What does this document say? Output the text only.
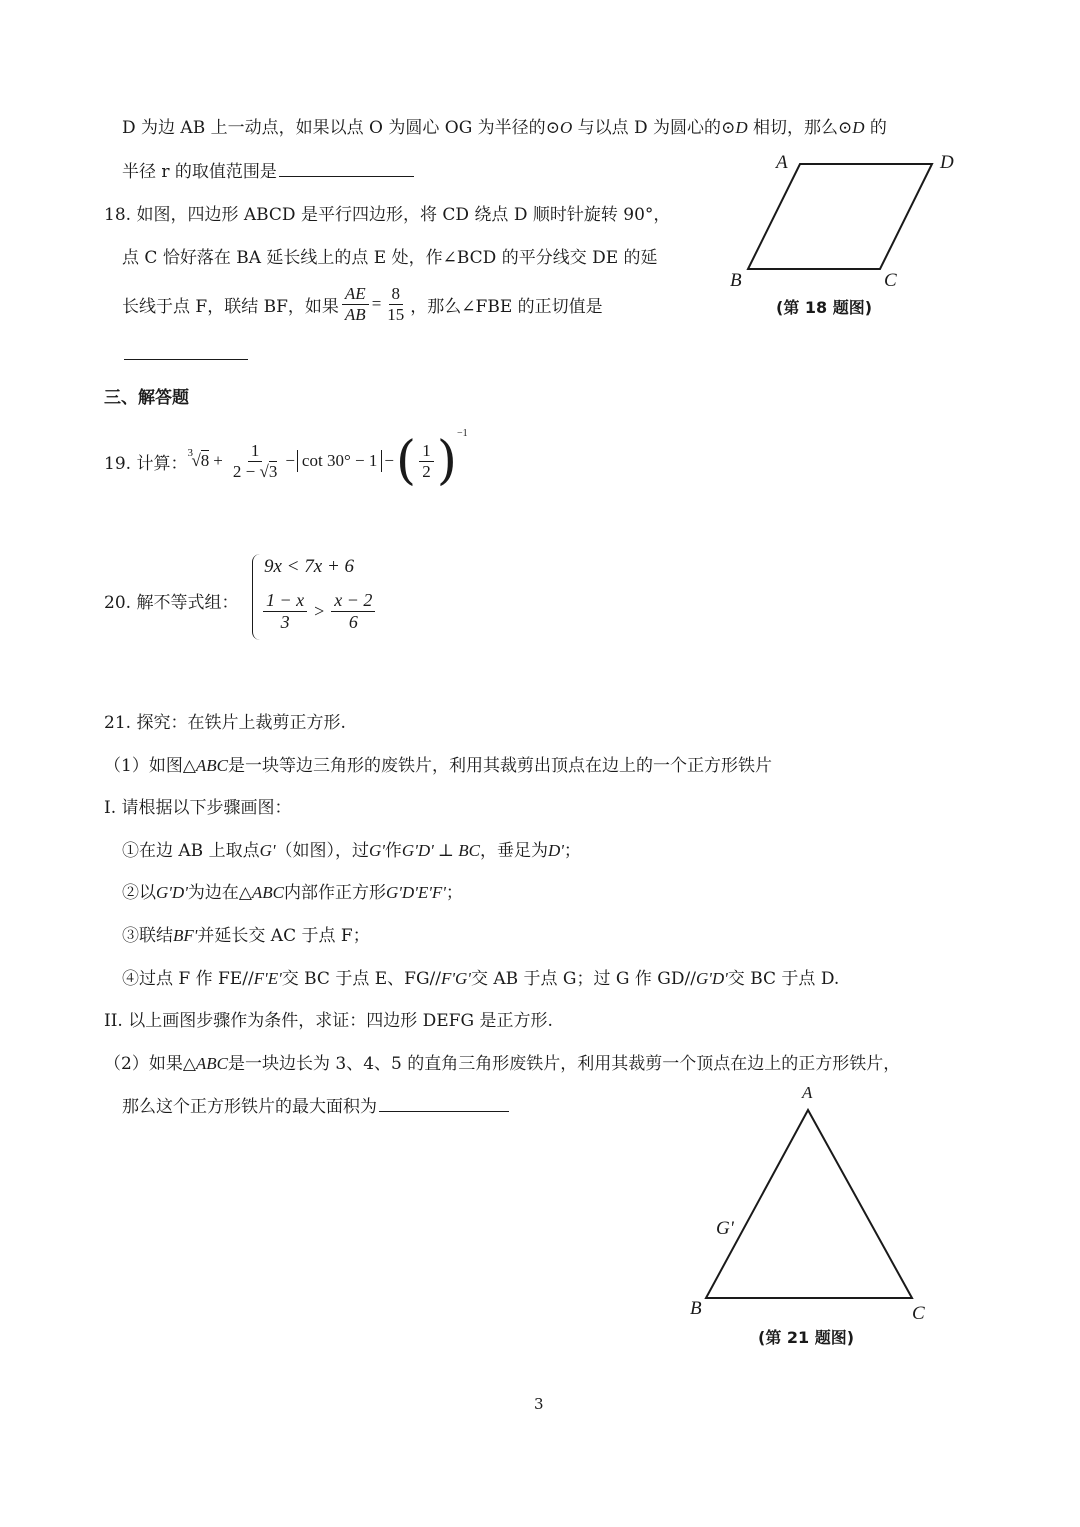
D 为边 AB 上一动点，如果以点 O 为圆心 OG 为半径的⊙O 与以点 D 为圆心的⊙D 相切，那么⊙D 的
半径 r 的取值范围是
18. 如图，四边形 ABCD 是平行四边形，将 CD 绕点 D 顺时针旋转 90°，
点 C 恰好落在 BA 延长线上的点 E 处，作∠BCD 的平分线交 DE 的延
长线于点 F，联结 BF，如果 $\frac{AE}{AB} = \frac{8}{15}$ ，那么∠FBE 的正切值是
A	D
B	C
(第 18 题图)
三、解答题
19. 计算：
3
$√8 + \frac{1}{2 - √3} - \cot 30^\circ - 1$ − ( $\frac{1}{2}$ ) −1
20. 解不等式组：
9x < 7x + 6
$\frac{1 - x}{3} > \frac{x - 2}{6}$
21. 探究：在铁片上裁剪正方形.
（1）如图△ABC是一块等边三角形的废铁片，利用其裁剪出顶点在边上的一个正方形铁片
I. 请根据以下步骤画图：
①在边 AB 上取点G'（如图），过G'作G'D' ⊥ BC，垂足为D'；
②以G'D'为边在△ABC内部作正方形G'D'E'F'；
③联结BF'并延长交 AC 于点 F；
④过点 F 作 FE//F'E'交 BC 于点 E、FG//F'G'交 AB 于点 G；过 G 作 GD//G'D'交 BC 于点 D.
II. 以上画图步骤作为条件，求证：四边形 DEFG 是正方形.
（2）如果△ABC是一块边长为 3、4、5 的直角三角形废铁片，利用其裁剪一个顶点在边上的正方形铁片，
那么这个正方形铁片的最大面积为
A
G'
B	C
(第 21 题图)
3
